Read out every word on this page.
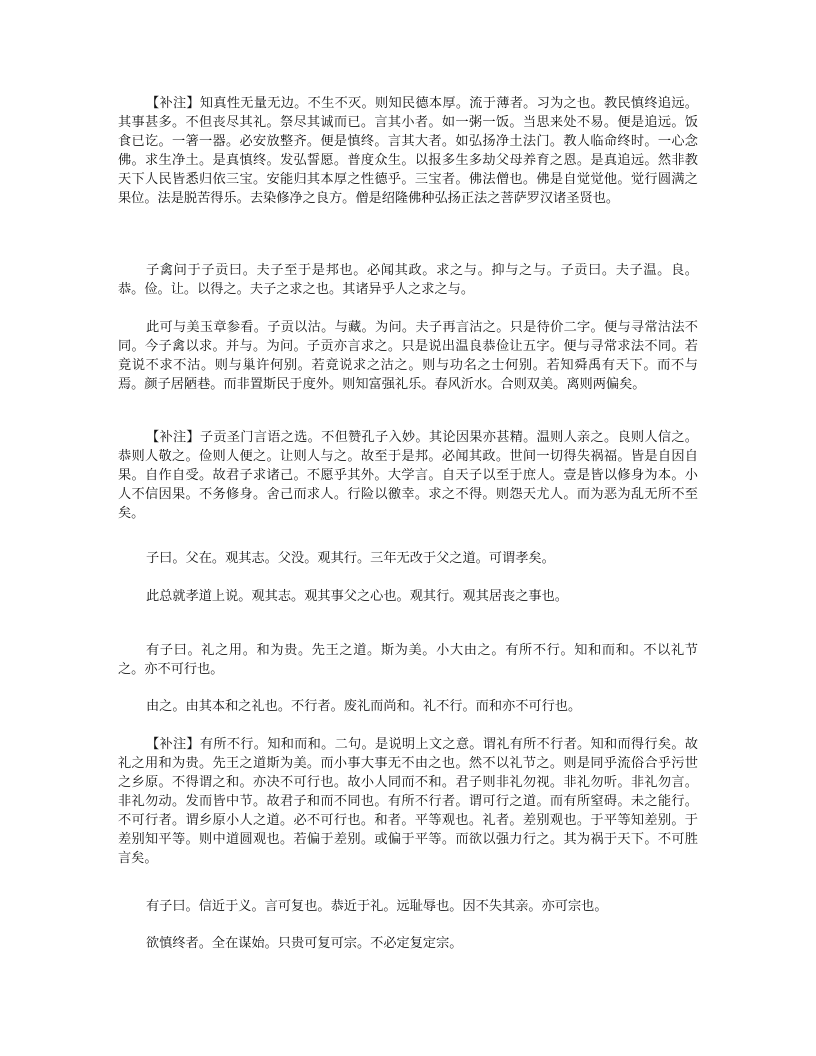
【补注】知真性无量无边。不生不灭。则知民德本厚。流于薄者。习为之也。教民慎终追远。其事甚多。不但丧尽其礼。祭尽其诚而已。言其小者。如一粥一饭。当思来处不易。便是追远。饭食已讫。一箸一器。必安放整齐。便是慎终。言其大者。如弘扬净土法门。教人临命终时。一心念佛。求生净土。是真慎终。发弘誓愿。普度众生。以报多生多劫父母养育之恩。是真追远。然非教天下人民皆悉归依三宝。安能归其本厚之性德乎。三宝者。佛法僧也。佛是自觉觉他。觉行圆满之果位。法是脱苦得乐。去染修净之良方。僧是绍隆佛种弘扬正法之菩萨罗汉诸圣贤也。

子禽问于子贡曰。夫子至于是邦也。必闻其政。求之与。抑与之与。子贡曰。夫子温。良。恭。俭。让。以得之。夫子之求之也。其诸异乎人之求之与。

此可与美玉章参看。子贡以沽。与藏。为问。夫子再言沽之。只是待价二字。便与寻常沽法不同。今子禽以求。并与。为问。子贡亦言求之。只是说出温良恭俭让五字。便与寻常求法不同。若竟说不求不沽。则与巢许何别。若竟说求之沽之。则与功名之士何别。若知舜禹有天下。而不与焉。颜子居陋巷。而非置斯民于度外。则知富强礼乐。春风沂水。合则双美。离则两偏矣。

【补注】子贡圣门言语之选。不但赞孔子入妙。其论因果亦甚精。温则人亲之。良则人信之。恭则人敬之。俭则人便之。让则人与之。故至于是邦。必闻其政。世间一切得失祸福。皆是自因自果。自作自受。故君子求诸己。不愿乎其外。大学言。自天子以至于庶人。壹是皆以修身为本。小人不信因果。不务修身。舍己而求人。行险以徼幸。求之不得。则怨天尤人。而为恶为乱无所不至矣。

子曰。父在。观其志。父没。观其行。三年无改于父之道。可谓孝矣。

此总就孝道上说。观其志。观其事父之心也。观其行。观其居丧之事也。

有子曰。礼之用。和为贵。先王之道。斯为美。小大由之。有所不行。知和而和。不以礼节之。亦不可行也。

由之。由其本和之礼也。不行者。废礼而尚和。礼不行。而和亦不可行也。

【补注】有所不行。知和而和。二句。是说明上文之意。谓礼有所不行者。知和而得行矣。故礼之用和为贵。先王之道斯为美。而小事大事无不由之也。然不以礼节之。则是同乎流俗合乎污世之乡原。不得谓之和。亦决不可行也。故小人同而不和。君子则非礼勿视。非礼勿听。非礼勿言。非礼勿动。发而皆中节。故君子和而不同也。有所不行者。谓可行之道。而有所窒碍。未之能行。不可行者。谓乡原小人之道。必不可行也。和者。平等观也。礼者。差别观也。于平等知差别。于差别知平等。则中道圆观也。若偏于差别。或偏于平等。而欲以强力行之。其为祸于天下。不可胜言矣。

有子曰。信近于义。言可复也。恭近于礼。远耻辱也。因不失其亲。亦可宗也。

欲慎终者。全在谋始。只贵可复可宗。不必定复定宗。
